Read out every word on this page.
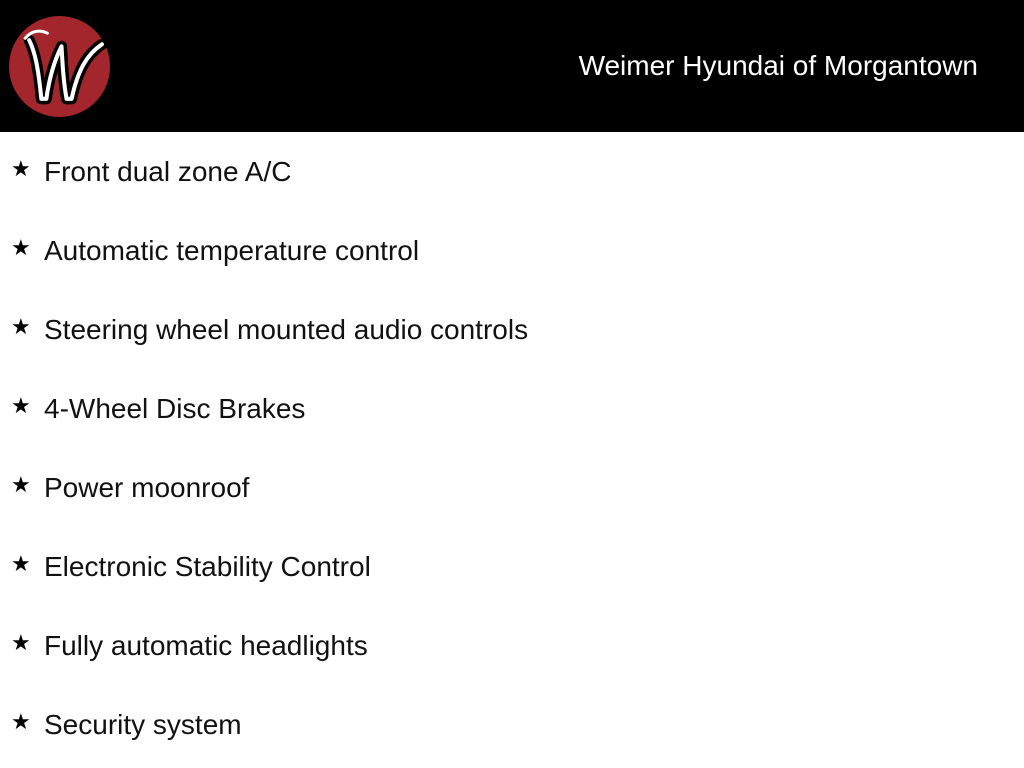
Weimer Hyundai of Morgantown
★ Front dual zone A/C
★ Automatic temperature control
★ Steering wheel mounted audio controls
★ 4-Wheel Disc Brakes
★ Power moonroof
★ Electronic Stability Control
★ Fully automatic headlights
★ Security system
